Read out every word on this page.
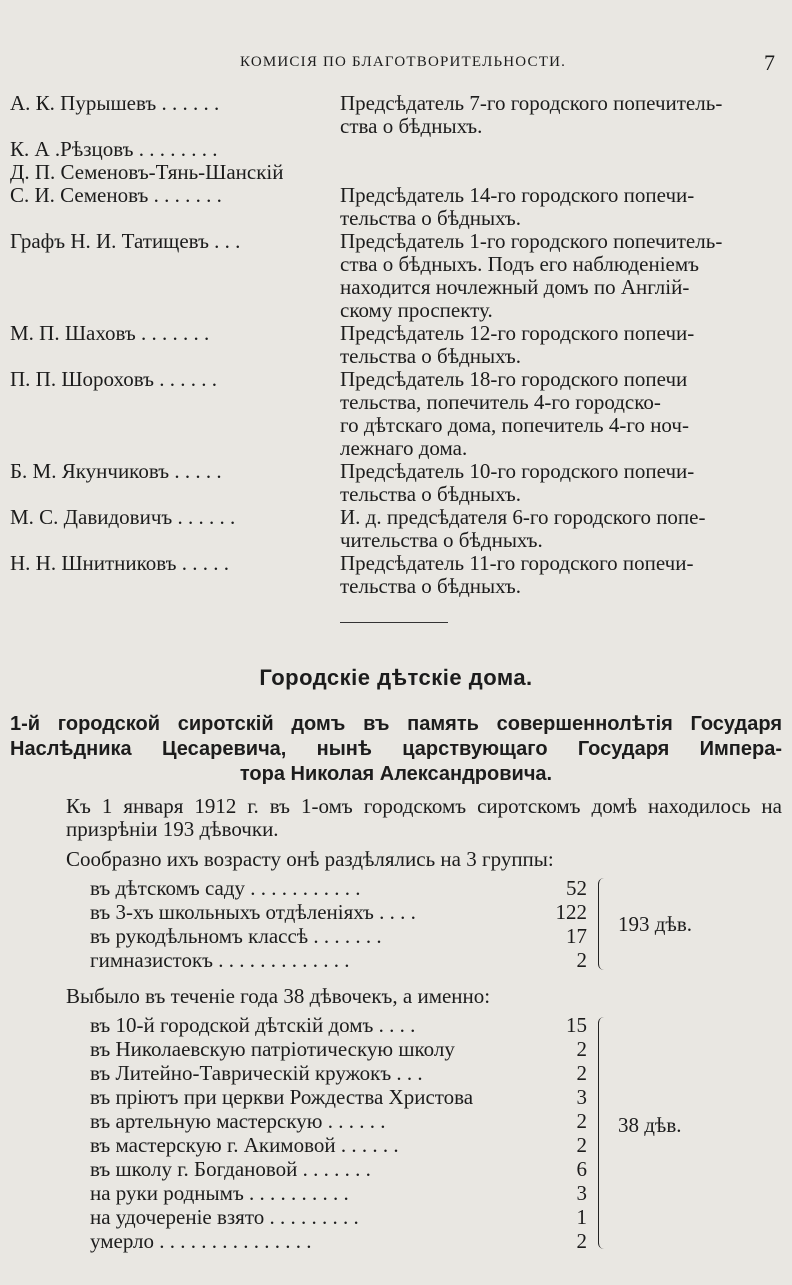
КОМИСІЯ ПО БЛАГОТВОРИТЕЛЬНОСТИ.	7
А. К. Пурышевъ . . . . . .	Предсѣдатель 7-го городского попечитель-
ства о бѣдныхъ.
К. А .Рѣзцовъ . . . . . . . .
Д. П. Семеновъ-Тянь-Шанскій
С. И. Семеновъ . . . . . . .	Предсѣдатель 14-го городского попечи-
тельства о бѣдныхъ.
Графъ Н. И. Татищевъ . . .	Предсѣдатель 1-го городского попечитель-
ства о бѣдныхъ. Подъ его наблюденіемъ
находится ночлежный домъ по Англій-
скому проспекту.
М. П. Шаховъ . . . . . . .	Предсѣдатель 12-го городского попечи-
тельства о бѣдныхъ.
П. П. Шороховъ . . . . . .	Предсѣдатель 18-го городского попечи
тельства, попечитель 4-го городско-
го дѣтскаго дома, попечитель 4-го ноч-
лежнаго дома.
Б. М. Якунчиковъ . . . . .	Предсѣдатель 10-го городского попечи-
тельства о бѣдныхъ.
М. С. Давидовичъ . . . . . .	И. д. предсѣдателя 6-го городского попе-
чительства о бѣдныхъ.
Н. Н. Шнитниковъ . . . . .	Предсѣдатель 11-го городского попечи-
тельства о бѣдныхъ.
Городскіе дѣтскіе дома.
1-й городской сиротскій домъ въ память совершеннолѣтія Государя
Наслѣдника Цесаревича, нынѣ царствующаго Государя Импера-
тора Николая Александровича.

Къ 1 января 1912 г. въ 1-омъ городскомъ сиротскомъ домѣ находилось на призрѣніи 193 дѣвочки.

Сообразно ихъ возрасту онѣ раздѣлялись на 3 группы:

въ дѣтскомъ саду . . . . . . . . . . .	52
въ 3-хъ школьныхъ отдѣленіяхъ . . . .	122
въ рукодѣльномъ классѣ . . . . . . .	17
гимназистокъ . . . . . . . . . . . . .	2
193 дѣв.

Выбыло въ теченіе года 38 дѣвочекъ, а именно:

въ 10-й городской дѣтскій домъ . . . .	15
въ Николаевскую патріотическую школу	2
въ Литейно-Таврическій кружокъ . . .	2
въ пріютъ при церкви Рождества Христова	3
въ артельную мастерскую . . . . . .	2
въ мастерскую г. Акимовой . . . . . .	2
въ школу г. Богдановой . . . . . . .	6
на руки роднымъ . . . . . . . . . .	3
на удочереніе взято . . . . . . . . .	1
умерло . . . . . . . . . . . . . . .	2
38 дѣв.
